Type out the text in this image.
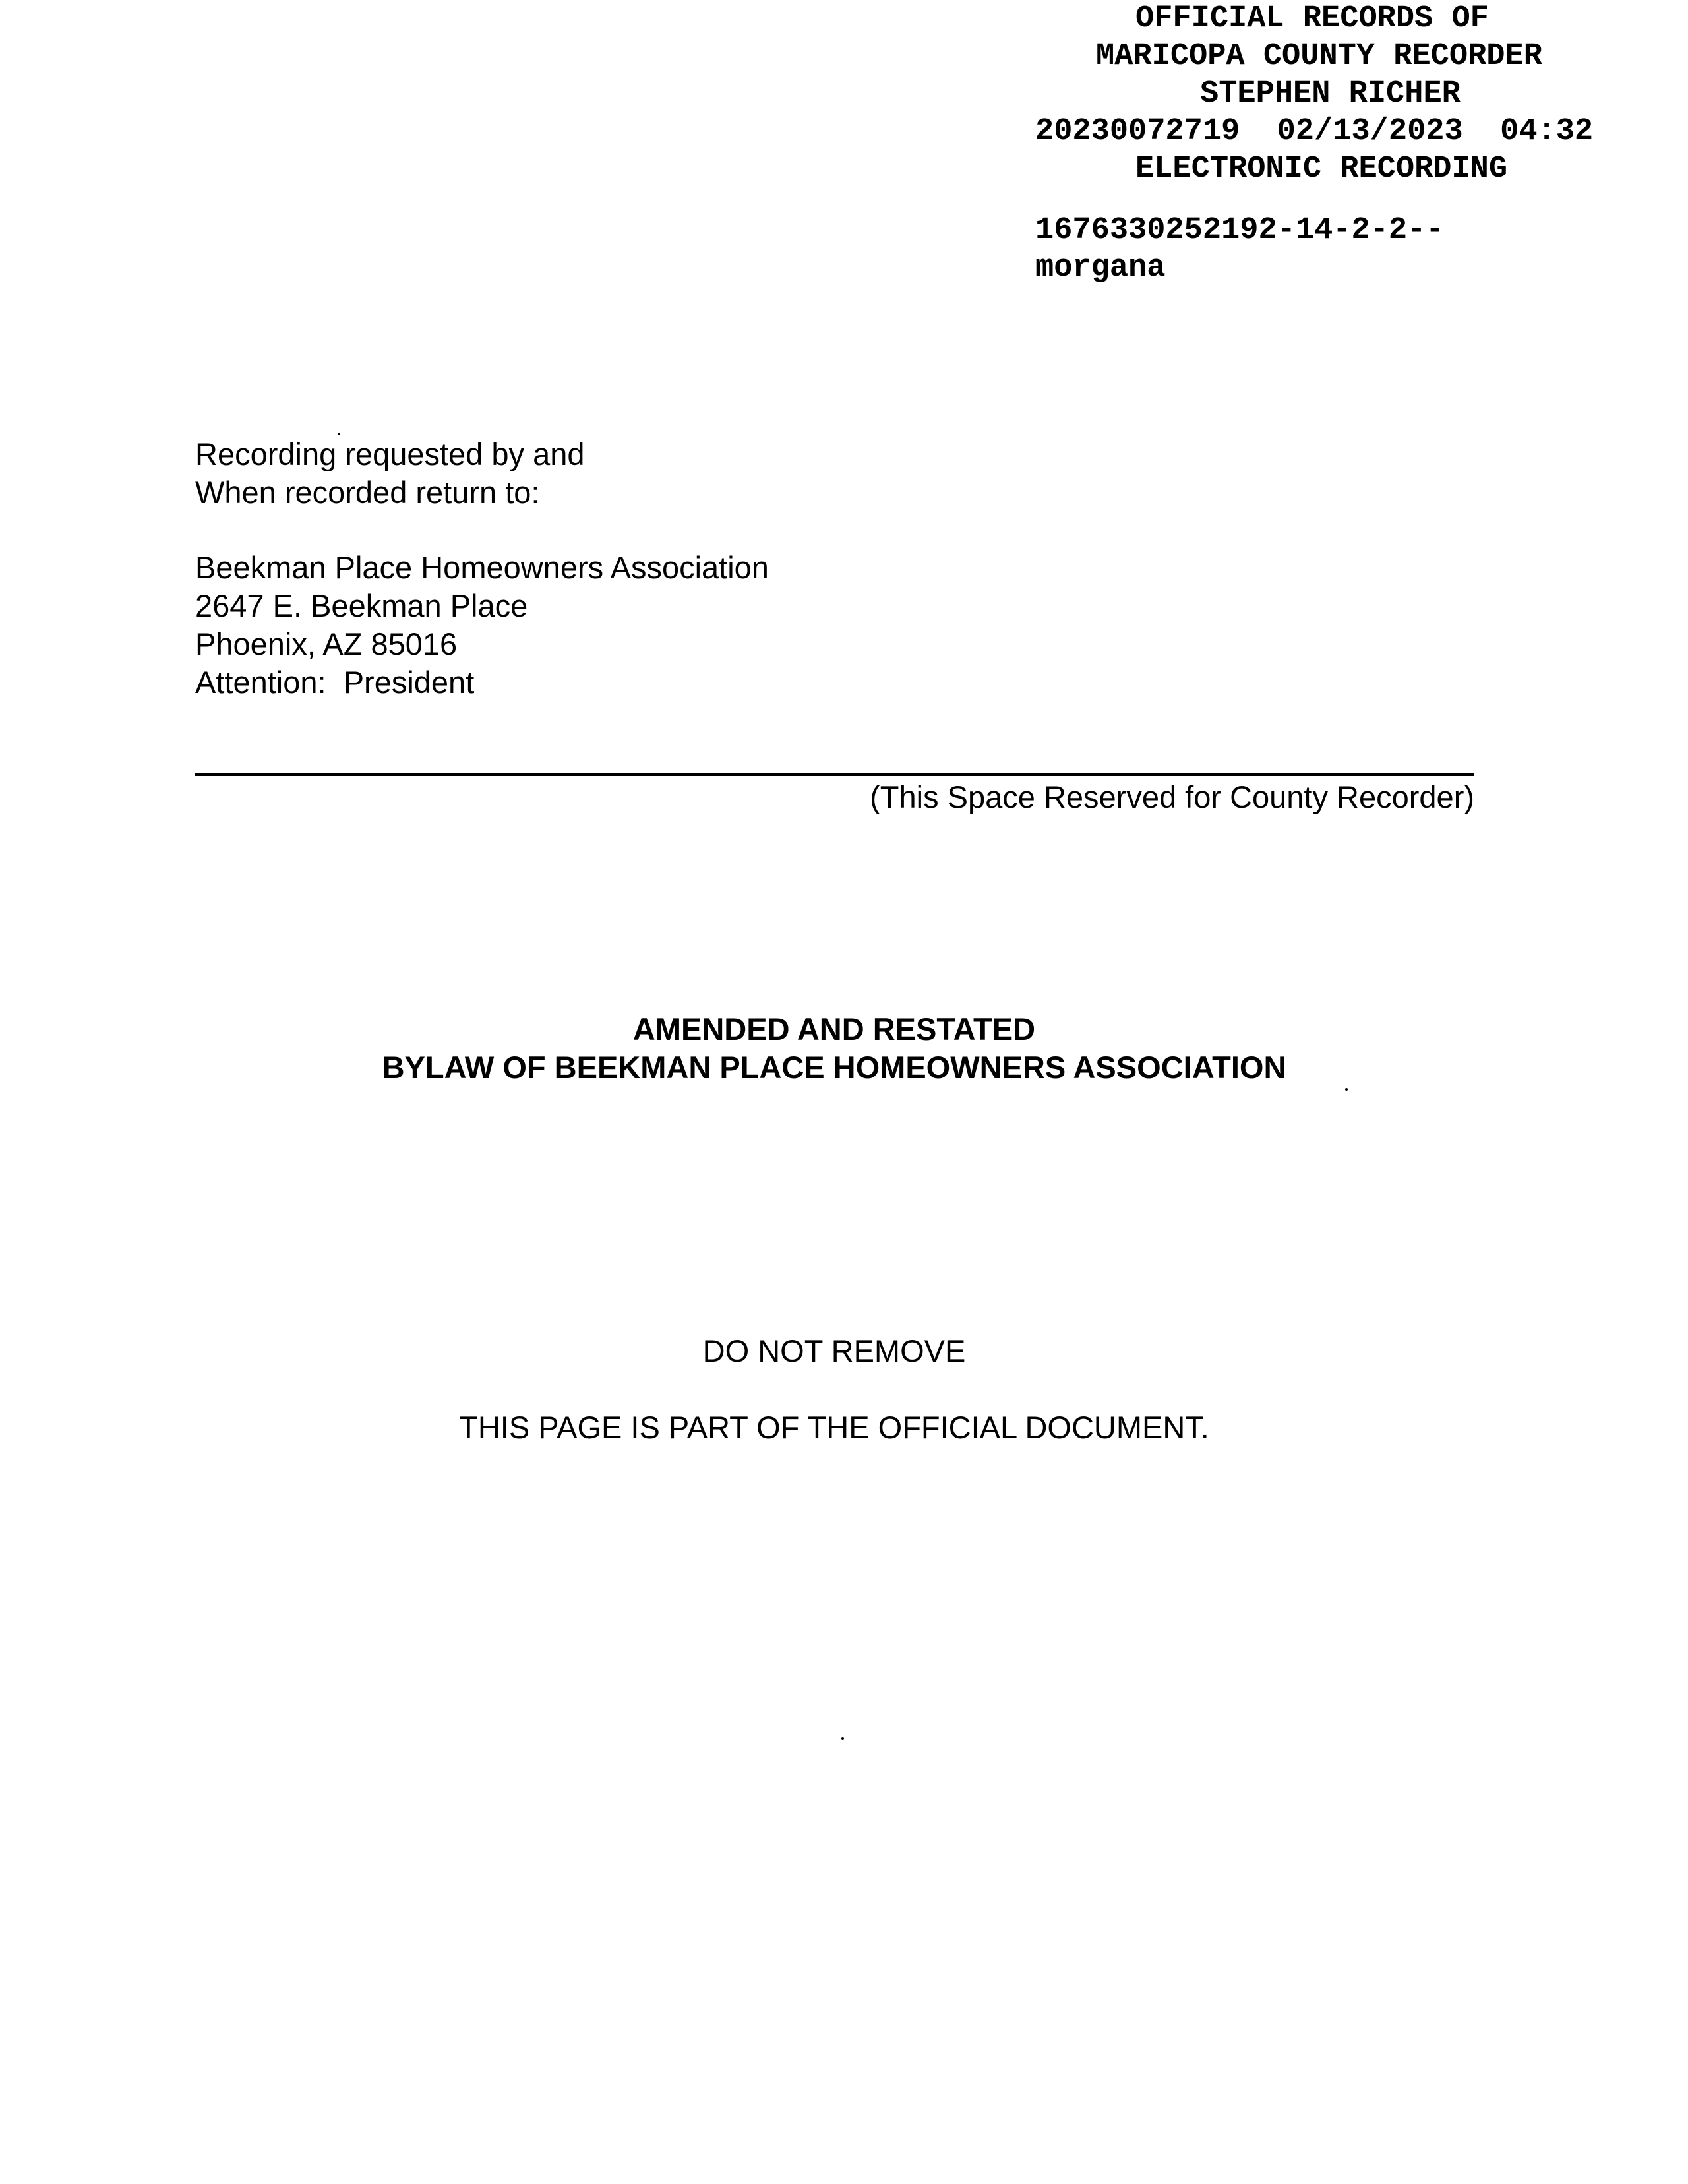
OFFICIAL RECORDS OF
MARICOPA COUNTY RECORDER
STEPHEN RICHER
20230072719  02/13/2023  04:32
ELECTRONIC RECORDING
1676330252192-14-2-2--
morgana
Recording requested by and
When recorded return to:
Beekman Place Homeowners Association
2647 E. Beekman Place
Phoenix, AZ 85016
Attention:  President
(This Space Reserved for County Recorder)
AMENDED AND RESTATED
BYLAW OF BEEKMAN PLACE HOMEOWNERS ASSOCIATION
DO NOT REMOVE
THIS PAGE IS PART OF THE OFFICIAL DOCUMENT.
